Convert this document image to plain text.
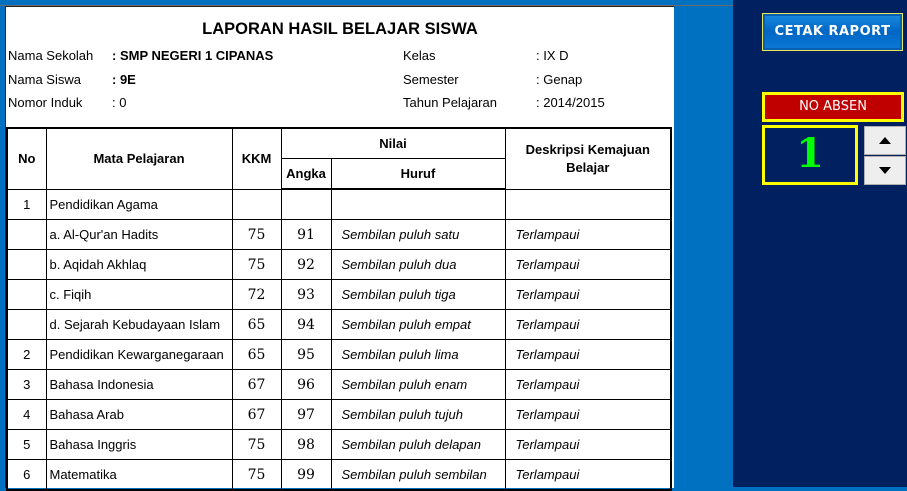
LAPORAN HASIL BELAJAR SISWA
Nama Sekolah : SMP NEGERI 1 CIPANAS
Nama Siswa : 9E
Nomor Induk : 0
Kelas	: IX D
Semester	: Genap
Tahun Pelajaran	: 2014/2015
No	Mata Pelajaran	KKM	Nilai		Deskripsi Kemajuan Belajar
			Angka	Huruf	
1	Pendidikan Agama				
	a. Al-Qur'an Hadits	75	91	Sembilan puluh satu	Terlampaui
	b. Aqidah Akhlaq	75	92	Sembilan puluh dua	Terlampaui
	c. Fiqih	72	93	Sembilan puluh tiga	Terlampaui
	d. Sejarah Kebudayaan Islam	65	94	Sembilan puluh empat	Terlampaui
2	Pendidikan Kewarganegaraan	65	95	Sembilan puluh lima	Terlampaui
3	Bahasa Indonesia	67	96	Sembilan puluh enam	Terlampaui
4	Bahasa Arab	67	97	Sembilan puluh tujuh	Terlampaui
5	Bahasa Inggris	75	98	Sembilan puluh delapan	Terlampaui
6	Matematika	75	99	Sembilan puluh sembilan	Terlampaui
CETAK RAPORT
NO ABSEN
1
